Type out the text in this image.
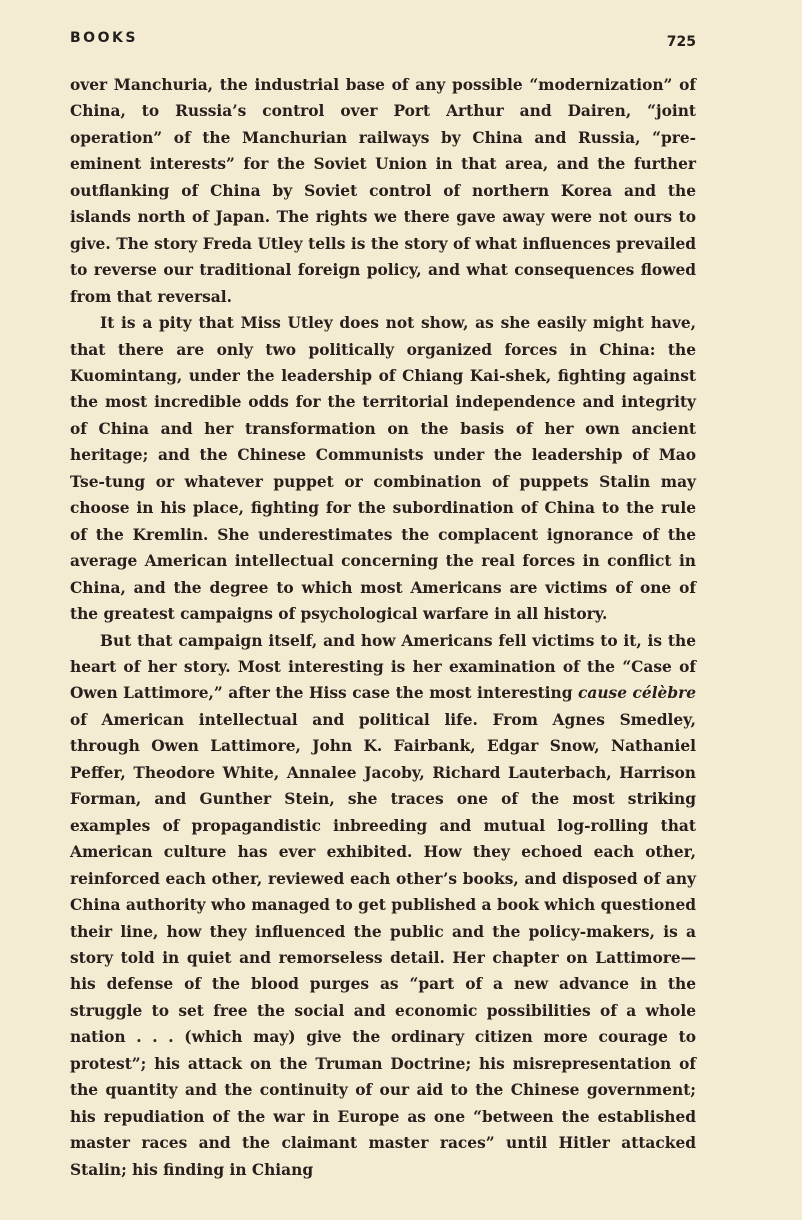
BOOKS	725

over Manchuria, the industrial base of any possible “modernization” of China, to Russia’s control over Port Arthur and Dairen, “joint operation” of the Manchurian railways by China and Russia, “pre-eminent interests” for the Soviet Union in that area, and the further outflanking of China by Soviet control of northern Korea and the islands north of Japan. The rights we there gave away were not ours to give. The story Freda Utley tells is the story of what influences prevailed to reverse our traditional foreign policy, and what consequences flowed from that reversal.

It is a pity that Miss Utley does not show, as she easily might have, that there are only two politically organized forces in China: the Kuomintang, under the leadership of Chiang Kai-shek, fighting against the most incredible odds for the territorial independence and integrity of China and her transformation on the basis of her own ancient heritage; and the Chinese Communists under the leadership of Mao Tse-tung or whatever puppet or combination of puppets Stalin may choose in his place, fighting for the subordination of China to the rule of the Kremlin. She underestimates the complacent ignorance of the average American intellectual concerning the real forces in conflict in China, and the degree to which most Americans are victims of one of the greatest campaigns of psychological warfare in all history.

But that campaign itself, and how Americans fell victims to it, is the heart of her story. Most interesting is her examination of the “Case of Owen Lattimore,” after the Hiss case the most interesting cause célèbre of American intellectual and political life. From Agnes Smedley, through Owen Lattimore, John K. Fairbank, Edgar Snow, Nathaniel Peffer, Theodore White, Annalee Jacoby, Richard Lauterbach, Harrison Forman, and Gunther Stein, she traces one of the most striking examples of propagandistic inbreeding and mutual log-rolling that American culture has ever exhibited. How they echoed each other, reinforced each other, reviewed each other’s books, and disposed of any China authority who managed to get published a book which questioned their line, how they influenced the public and the policy-makers, is a story told in quiet and remorseless detail. Her chapter on Lattimore—his defense of the blood purges as “part of a new advance in the struggle to set free the social and economic possibilities of a whole nation . . . (which may) give the ordinary citizen more courage to protest”; his attack on the Truman Doctrine; his misrepresentation of the quantity and the continuity of our aid to the Chinese government; his repudiation of the war in Europe as one “between the established master races and the claimant master races” until Hitler attacked Stalin; his finding in Chiang
